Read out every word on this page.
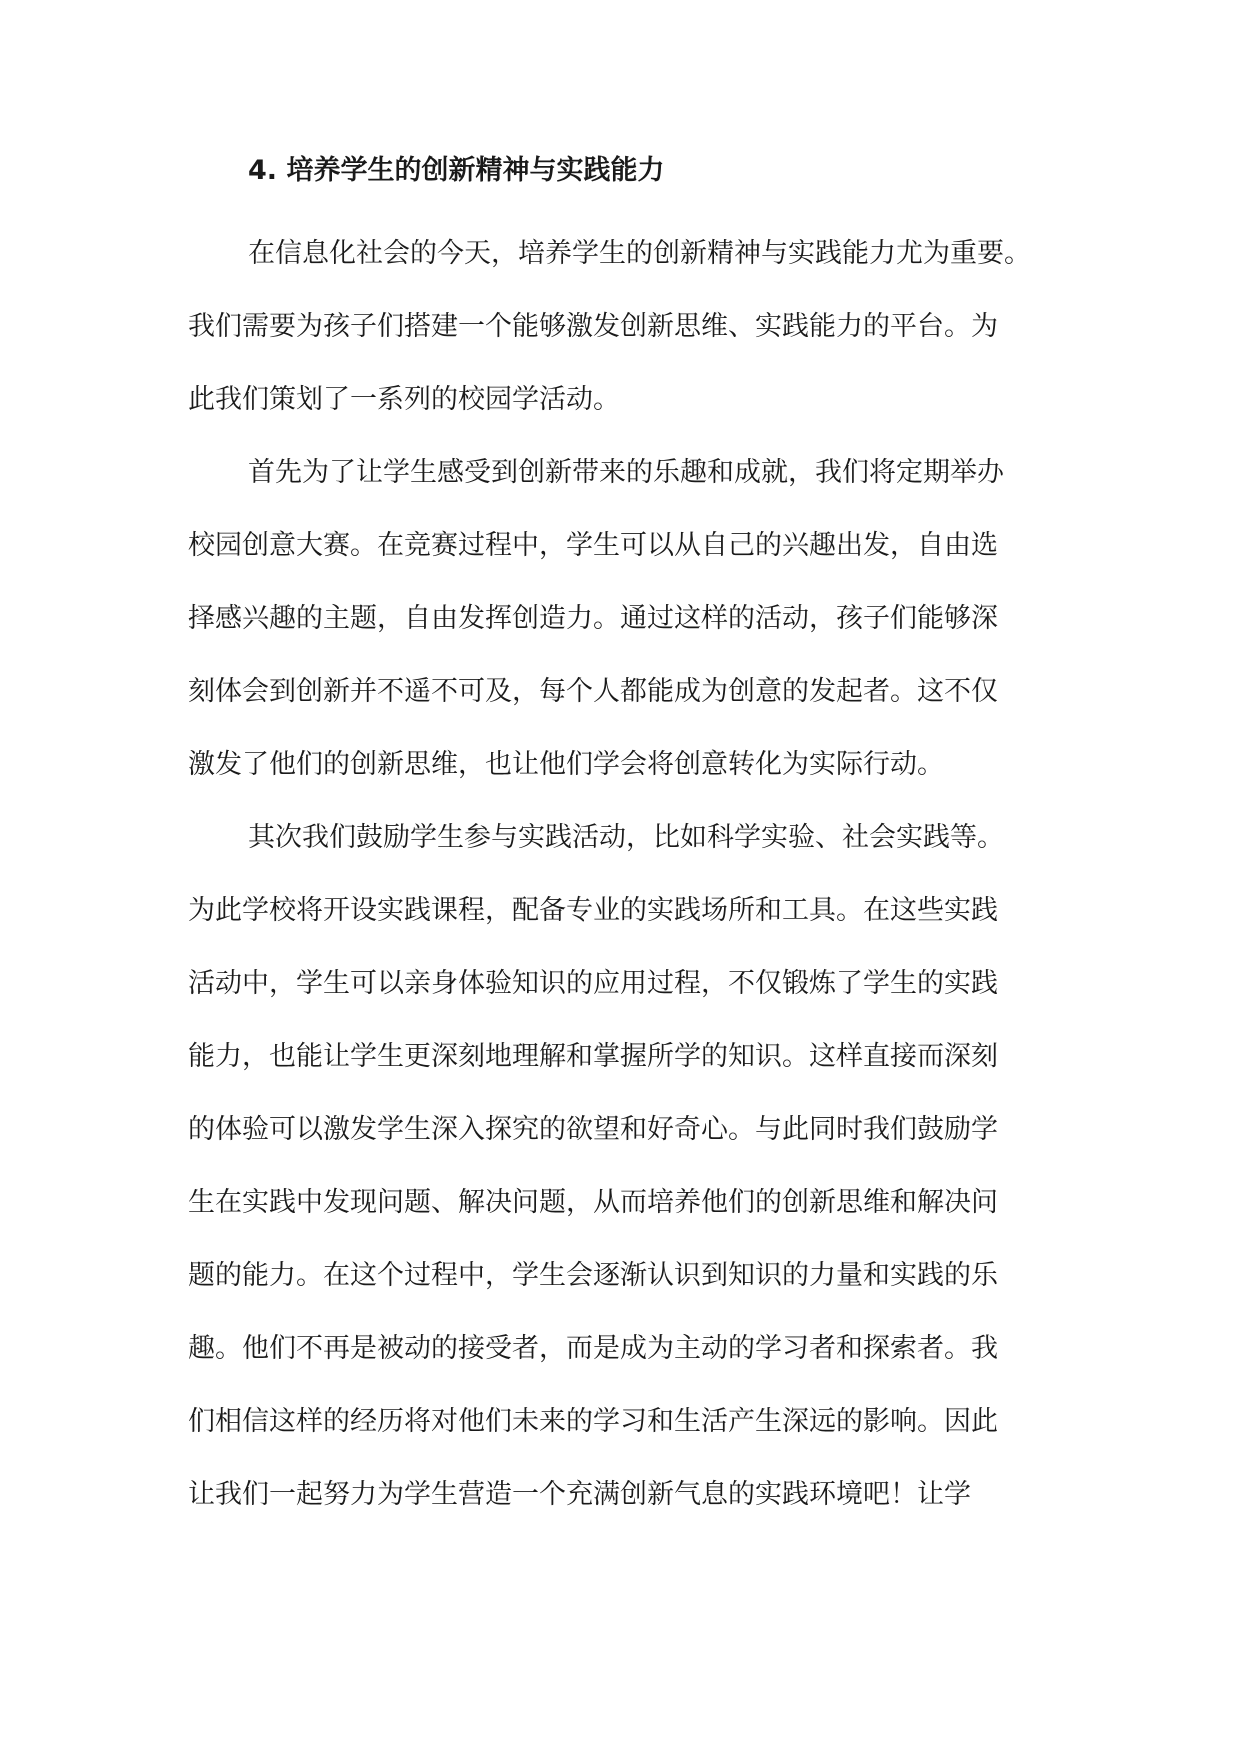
4. 培养学生的创新精神与实践能力
在信息化社会的今天，培养学生的创新精神与实践能力尤为重要。
我们需要为孩子们搭建一个能够激发创新思维、实践能力的平台。为
此我们策划了一系列的校园学活动。
首先为了让学生感受到创新带来的乐趣和成就，我们将定期举办
校园创意大赛。在竞赛过程中，学生可以从自己的兴趣出发，自由选
择感兴趣的主题，自由发挥创造力。通过这样的活动，孩子们能够深
刻体会到创新并不遥不可及，每个人都能成为创意的发起者。这不仅
激发了他们的创新思维，也让他们学会将创意转化为实际行动。
其次我们鼓励学生参与实践活动，比如科学实验、社会实践等。
为此学校将开设实践课程，配备专业的实践场所和工具。在这些实践
活动中，学生可以亲身体验知识的应用过程，不仅锻炼了学生的实践
能力，也能让学生更深刻地理解和掌握所学的知识。这样直接而深刻
的体验可以激发学生深入探究的欲望和好奇心。与此同时我们鼓励学
生在实践中发现问题、解决问题，从而培养他们的创新思维和解决问
题的能力。在这个过程中，学生会逐渐认识到知识的力量和实践的乐
趣。他们不再是被动的接受者，而是成为主动的学习者和探索者。我
们相信这样的经历将对他们未来的学习和生活产生深远的影响。因此
让我们一起努力为学生营造一个充满创新气息的实践环境吧！让学
